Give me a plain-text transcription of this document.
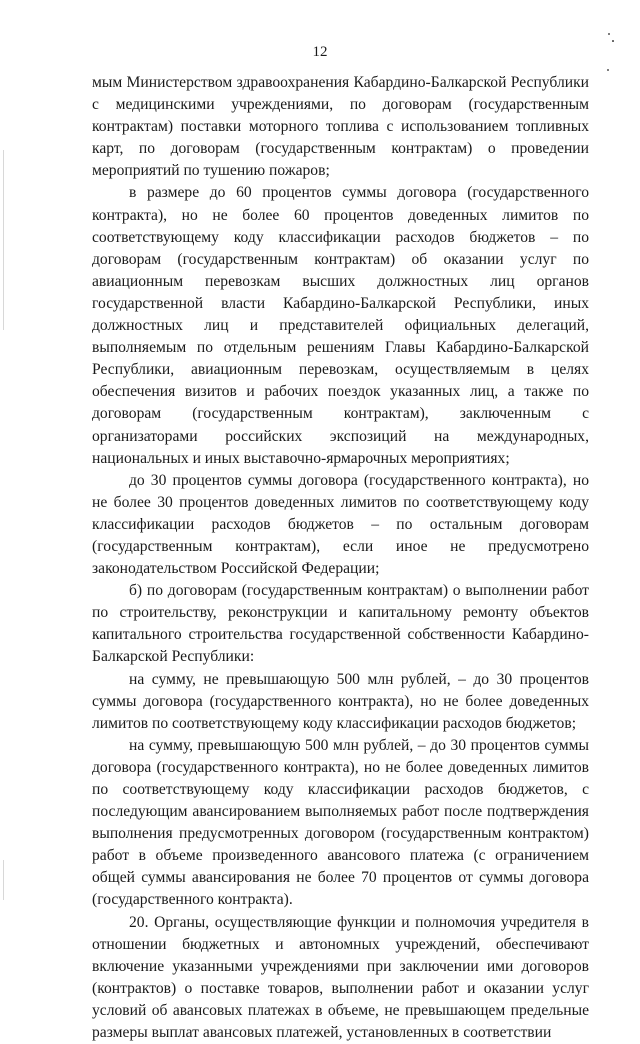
12

мым Министерством здравоохранения Кабардино-Балкарской Республики с медицинскими учреждениями, по договорам (государственным контрактам) поставки моторного топлива с использованием топливных карт, по договорам (государственным контрактам) о проведении мероприятий по тушению пожаров;

в размере до 60 процентов суммы договора (государственного контракта), но не более 60 процентов доведенных лимитов по соответствующему коду классификации расходов бюджетов – по договорам (государственным контрактам) об оказании услуг по авиационным перевозкам высших должностных лиц органов государственной власти Кабардино-Балкарской Республики, иных должностных лиц и представителей официальных делегаций, выполняемым по отдельным решениям Главы Кабардино-Балкарской Республики, авиационным перевозкам, осуществляемым в целях обеспечения визитов и рабочих поездок указанных лиц, а также по договорам (государственным контрактам), заключенным с организаторами российских экспозиций на международных, национальных и иных выставочно-ярмарочных мероприятиях;

до 30 процентов суммы договора (государственного контракта), но не более 30 процентов доведенных лимитов по соответствующему коду классификации расходов бюджетов – по остальным договорам (государственным контрактам), если иное не предусмотрено законодательством Российской Федерации;

б) по договорам (государственным контрактам) о выполнении работ по строительству, реконструкции и капитальному ремонту объектов капитального строительства государственной собственности Кабардино-Балкарской Республики:

на сумму, не превышающую 500 млн рублей, – до 30 процентов суммы договора (государственного контракта), но не более доведенных лимитов по соответствующему коду классификации расходов бюджетов;

на сумму, превышающую 500 млн рублей, – до 30 процентов суммы договора (государственного контракта), но не более доведенных лимитов по соответствующему коду классификации расходов бюджетов, с последующим авансированием выполняемых работ после подтверждения выполнения предусмотренных договором (государственным контрактом) работ в объеме произведенного авансового платежа (с ограничением общей суммы авансирования не более 70 процентов от суммы договора (государственного контракта).

20. Органы, осуществляющие функции и полномочия учредителя в отношении бюджетных и автономных учреждений, обеспечивают включение указанными учреждениями при заключении ими договоров (контрактов) о поставке товаров, выполнении работ и оказании услуг условий об авансовых платежах в объеме, не превышающем предельные размеры выплат авансовых платежей, установленных в соответствии
